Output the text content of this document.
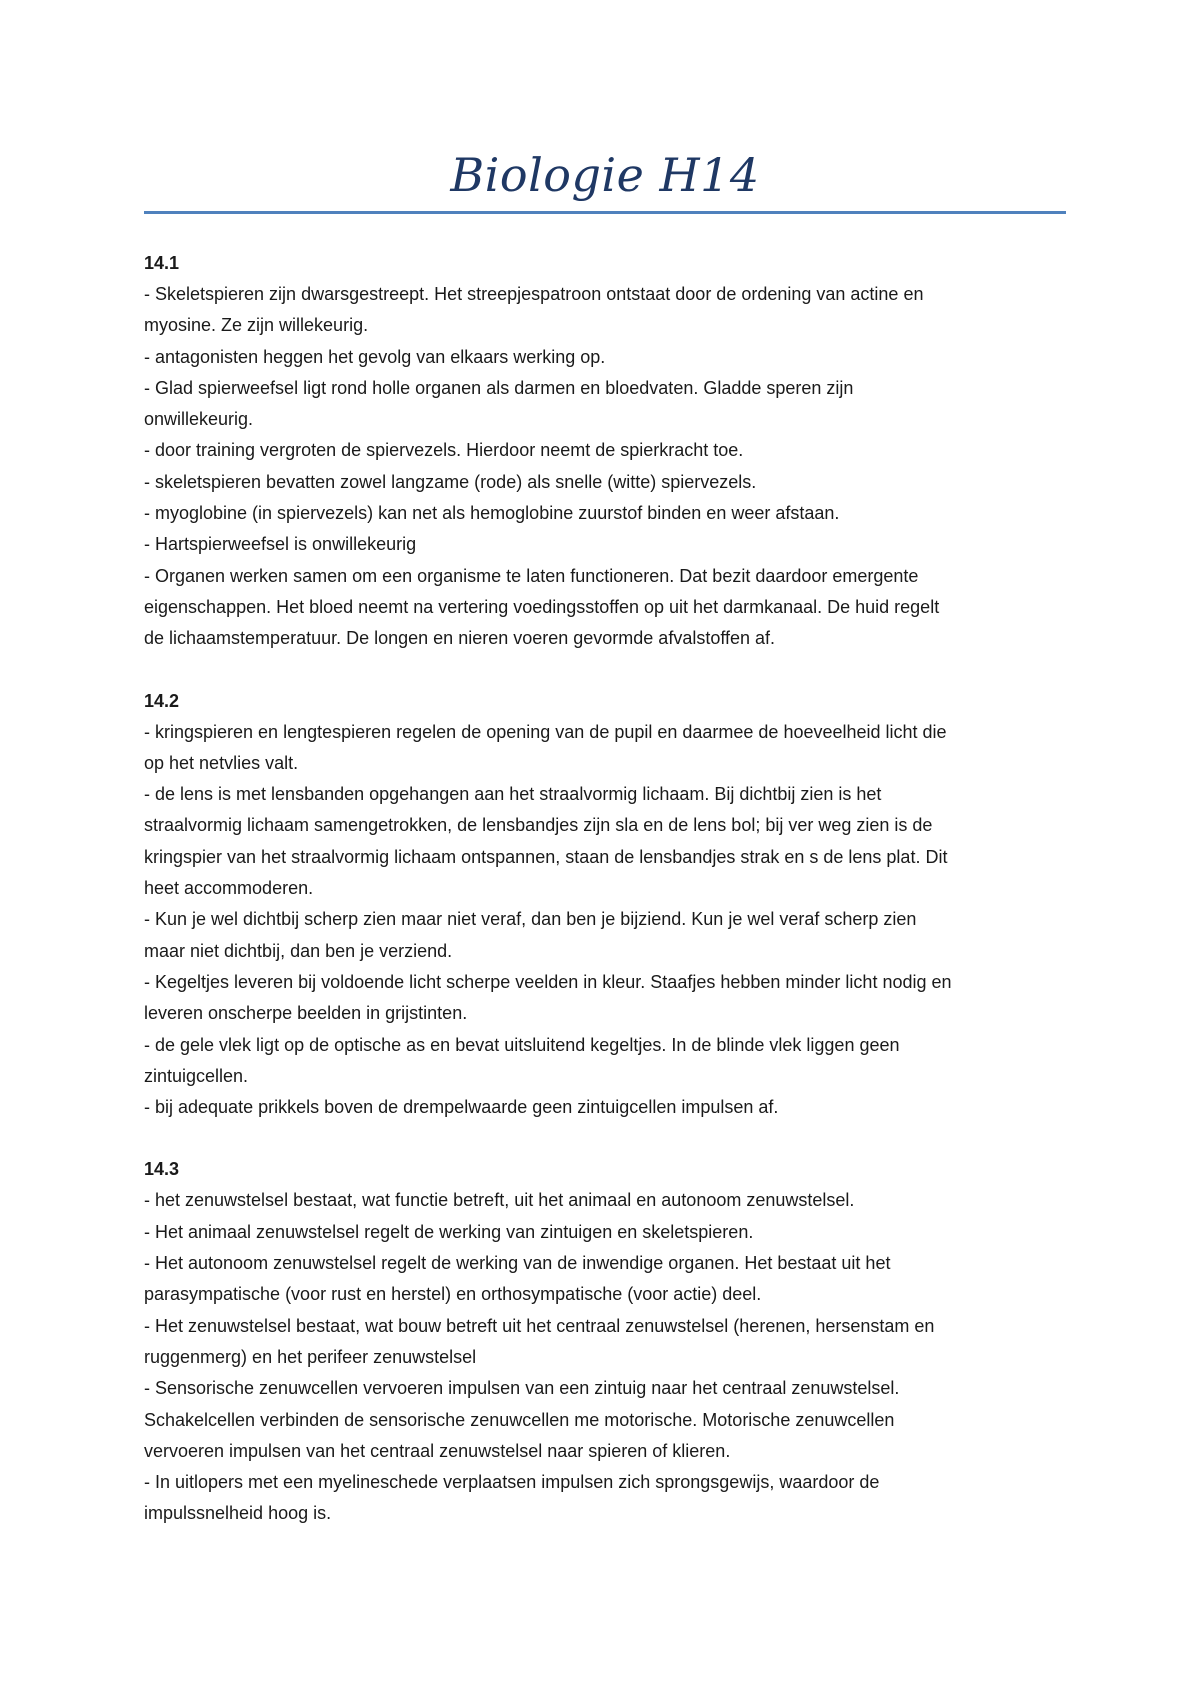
Biologie H14

14.1

- Skeletspieren zijn dwarsgestreept. Het streepjespatroon ontstaat door de ordening van actine en
myosine. Ze zijn willekeurig.

- antagonisten heggen het gevolg van elkaars werking op.

- Glad spierweefsel ligt rond holle organen als darmen en bloedvaten. Gladde speren zijn
onwillekeurig.

- door training vergroten de spiervezels. Hierdoor neemt de spierkracht toe.

- skeletspieren bevatten zowel langzame (rode) als snelle (witte) spiervezels.

- myoglobine (in spiervezels) kan net als hemoglobine zuurstof binden en weer afstaan.

- Hartspierweefsel is onwillekeurig

- Organen werken samen om een organisme te laten functioneren. Dat bezit daardoor emergente
eigenschappen. Het bloed neemt na vertering voedingsstoffen op uit het darmkanaal. De huid regelt
de lichaamstemperatuur. De longen en nieren voeren gevormde afvalstoffen af.

14.2

- kringspieren en lengtespieren regelen de opening van de pupil en daarmee de hoeveelheid licht die
op het netvlies valt.

- de lens is met lensbanden opgehangen aan het straalvormig lichaam. Bij dichtbij zien is het
straalvormig lichaam samengetrokken, de lensbandjes zijn sla en de lens bol; bij ver weg zien is de
kringspier van het straalvormig lichaam ontspannen, staan de lensbandjes strak en s de lens plat. Dit
heet accommoderen.

- Kun je wel dichtbij scherp zien maar niet veraf, dan ben je bijziend. Kun je wel veraf scherp zien
maar niet dichtbij, dan ben je verziend.

- Kegeltjes leveren bij voldoende licht scherpe veelden in kleur. Staafjes hebben minder licht nodig en
leveren onscherpe beelden in grijstinten.

- de gele vlek ligt op de optische as en bevat uitsluitend kegeltjes. In de blinde vlek liggen geen
zintuigcellen.

- bij adequate prikkels boven de drempelwaarde geen zintuigcellen impulsen af.

14.3

- het zenuwstelsel bestaat, wat functie betreft, uit het animaal en autonoom zenuwstelsel.

- Het animaal zenuwstelsel regelt de werking van zintuigen en skeletspieren.

- Het autonoom zenuwstelsel regelt de werking van de inwendige organen. Het bestaat uit het
parasympatische (voor rust en herstel) en orthosympatische (voor actie) deel.

- Het zenuwstelsel bestaat, wat bouw betreft uit het centraal zenuwstelsel (herenen, hersenstam en
ruggenmerg) en het perifeer zenuwstelsel

- Sensorische zenuwcellen vervoeren impulsen van een zintuig naar het centraal zenuwstelsel.
Schakelcellen verbinden de sensorische zenuwcellen me motorische. Motorische zenuwcellen
vervoeren impulsen van het centraal zenuwstelsel naar spieren of klieren.

- In uitlopers met een myelineschede verplaatsen impulsen zich sprongsgewijs, waardoor de
impulssnelheid hoog is.
